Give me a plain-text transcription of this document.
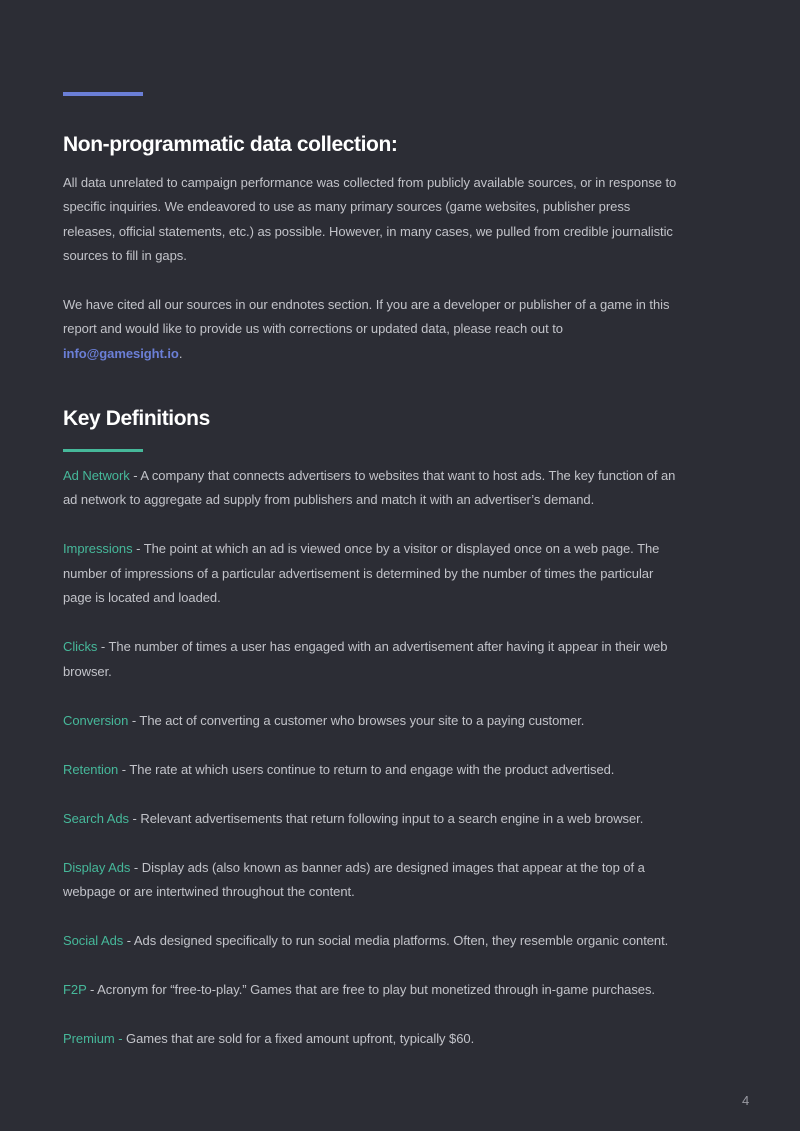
Non-programmatic data collection:
All data unrelated to campaign performance was collected from publicly available sources, or in response to specific inquiries. We endeavored to use as many primary sources (game websites, publisher press releases, official statements, etc.) as possible. However, in many cases, we pulled from credible journalistic sources to fill in gaps.
We have cited all our sources in our endnotes section. If you are a developer or publisher of a game in this report and would like to provide us with corrections or updated data, please reach out to info@gamesight.io.
Key Definitions
Ad Network - A company that connects advertisers to websites that want to host ads. The key function of an ad network to aggregate ad supply from publishers and match it with an advertiser’s demand.
Impressions - The point at which an ad is viewed once by a visitor or displayed once on a web page. The number of impressions of a particular advertisement is determined by the number of times the particular page is located and loaded.
Clicks - The number of times a user has engaged with an advertisement after having it appear in their web browser.
Conversion - The act of converting a customer who browses your site to a paying customer.
Retention - The rate at which users continue to return to and engage with the product advertised.
Search Ads - Relevant advertisements that return following input to a search engine in a web browser.
Display Ads - Display ads (also known as banner ads) are designed images that appear at the top of a webpage or are intertwined throughout the content.
Social Ads - Ads designed specifically to run social media platforms. Often, they resemble organic content.
F2P - Acronym for “free-to-play.” Games that are free to play but monetized through in-game purchases.
Premium - Games that are sold for a fixed amount upfront, typically $60.
4
